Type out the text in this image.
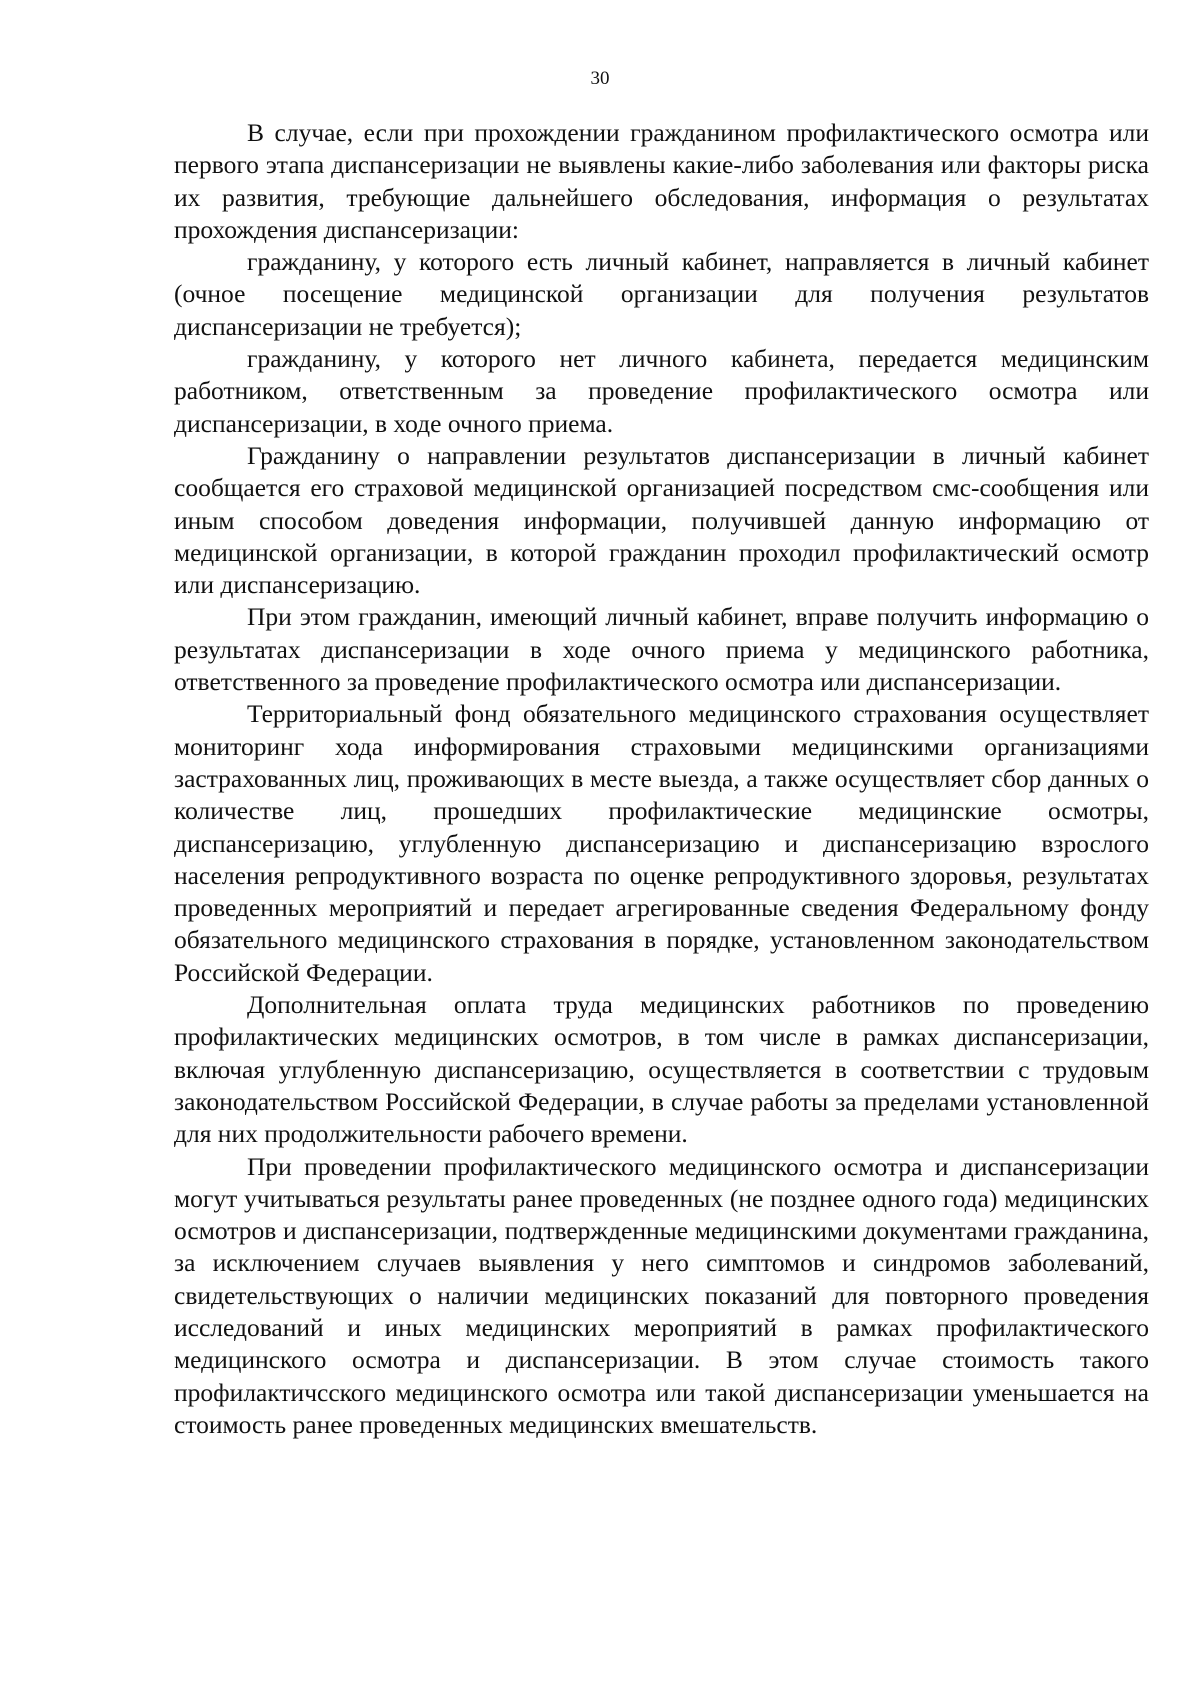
30

В случае, если при прохождении гражданином профилактического осмотра или первого этапа диспансеризации не выявлены какие-либо заболевания или факторы риска их развития, требующие дальнейшего обследования, информация о результатах прохождения диспансеризации:

гражданину, у которого есть личный кабинет, направляется в личный кабинет (очное посещение медицинской организации для получения результатов диспансеризации не требуется);

гражданину, у которого нет личного кабинета, передается медицинским работником, ответственным за проведение профилактического осмотра или диспансеризации, в ходе очного приема.

Гражданину о направлении результатов диспансеризации в личный кабинет сообщается его страховой медицинской организацией посредством смс-сообщения или иным способом доведения информации, получившей данную информацию от медицинской организации, в которой гражданин проходил профилактический осмотр или диспансеризацию.

При этом гражданин, имеющий личный кабинет, вправе получить информацию о результатах диспансеризации в ходе очного приема у медицинского работника, ответственного за проведение профилактического осмотра или диспансеризации.

Территориальный фонд обязательного медицинского страхования осуществляет мониторинг хода информирования страховыми медицинскими организациями застрахованных лиц, проживающих в месте выезда, а также осуществляет сбор данных о количестве лиц, прошедших профилактические медицинские осмотры, диспансеризацию, углубленную диспансеризацию и диспансеризацию взрослого населения репродуктивного возраста по оценке репродуктивного здоровья, результатах проведенных мероприятий и передает агрегированные сведения Федеральному фонду обязательного медицинского страхования в порядке, установленном законодательством Российской Федерации.

Дополнительная оплата труда медицинских работников по проведению профилактических медицинских осмотров, в том числе в рамках диспансеризации, включая углубленную диспансеризацию, осуществляется в соответствии с трудовым законодательством Российской Федерации, в случае работы за пределами установленной для них продолжительности рабочего времени.

При проведении профилактического медицинского осмотра и диспансеризации могут учитываться результаты ранее проведенных (не позднее одного года) медицинских осмотров и диспансеризации, подтвержденные медицинскими документами гражданина, за исключением случаев выявления у него симптомов и синдромов заболеваний, свидетельствующих о наличии медицинских показаний для повторного проведения исследований и иных медицинских мероприятий в рамках профилактического медицинского осмотра и диспансеризации. В этом случае стоимость такого профилактичсского медицинского осмотра или такой диспансеризации уменьшается на стоимость ранее проведенных медицинских вмешательств.
